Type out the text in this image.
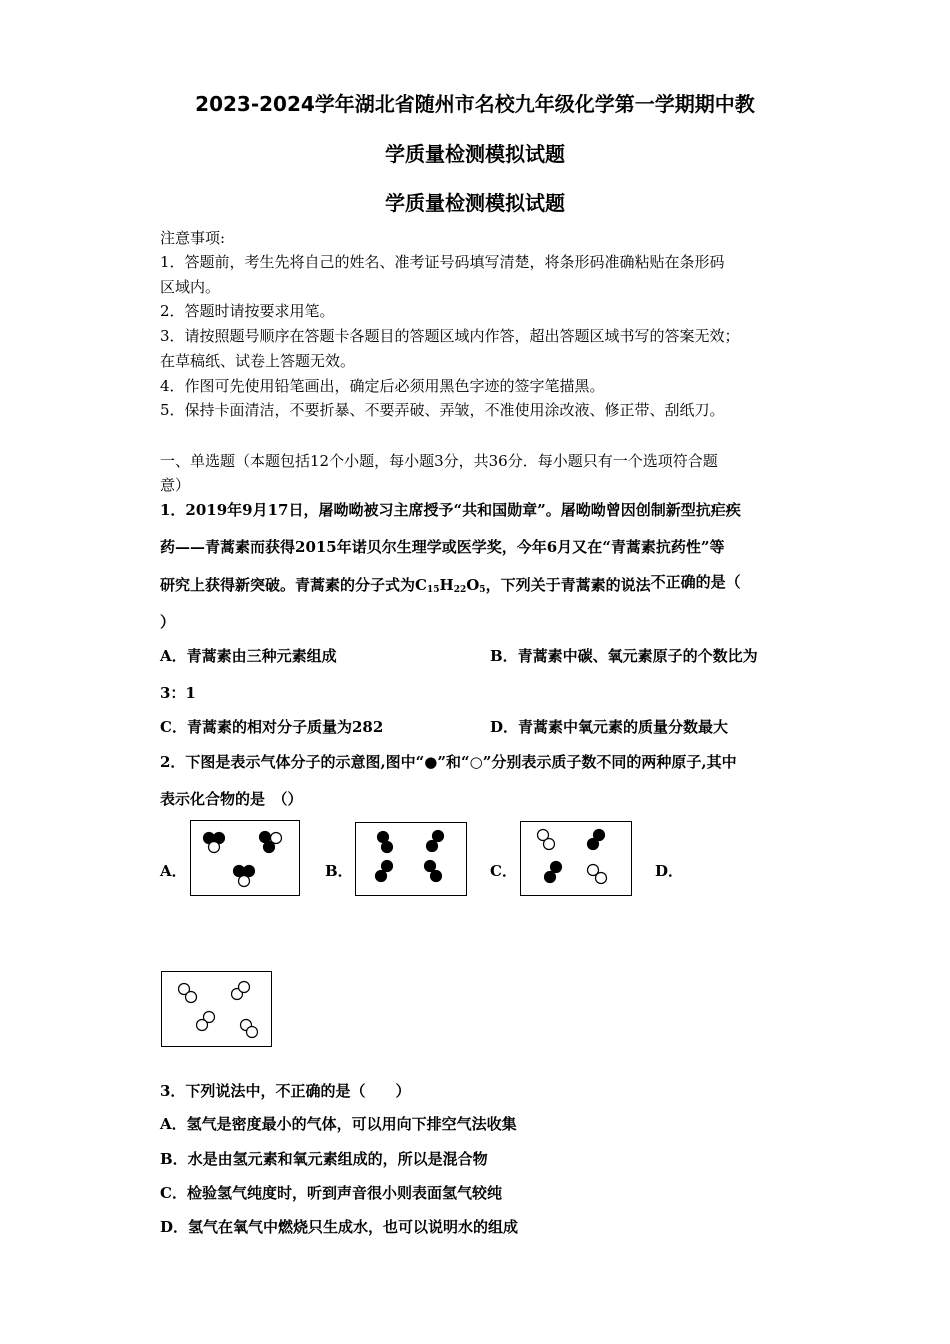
2023-2024学年湖北省随州市名校九年级化学第一学期期中教
学质量检测模拟试题
学质量检测模拟试题
注意事项:
1．答题前，考生先将自己的姓名、准考证号码填写清楚，将条形码准确粘贴在条形码
区域内。
2．答题时请按要求用笔。
3．请按照题号顺序在答题卡各题目的答题区域内作答，超出答题区域书写的答案无效；
在草稿纸、试卷上答题无效。
4．作图可先使用铅笔画出，确定后必须用黑色字迹的签字笔描黑。
5．保持卡面清洁，不要折暴、不要弄破、弄皱，不准使用涂改液、修正带、刮纸刀。
一、单选题（本题包括12个小题，每小题3分，共36分．每小题只有一个选项符合题
意）
1．2019年9月17日，屠呦呦被习主席授予“共和国勋章”。屠呦呦曾因创制新型抗疟疾
药——青蒿素而获得2015年诺贝尔生理学或医学奖，今年6月又在“青蒿素抗药性”等
研究上获得新突破。青蒿素的分子式为$C_{15}H_{22}O_5$，下列关于青蒿素的说法不正确的是（
）
A．青蒿素由三种元素组成	B．青蒿素中碳、氧元素原子的个数比为
3：1
C．青蒿素的相对分子质量为282	D．青蒿素中氧元素的质量分数最大
2．下图是表示气体分子的示意图,图中“●”和“○”分别表示质子数不同的两种原子,其中
表示化合物的是　（）
A．	B．	C．	D．
3．下列说法中，不正确的是（　　）
A．氢气是密度最小的气体，可以用向下排空气法收集
B．水是由氢元素和氧元素组成的，所以是混合物
C．检验氢气纯度时，听到声音很小则表面氢气较纯
D．氢气在氧气中燃烧只生成水，也可以说明水的组成
